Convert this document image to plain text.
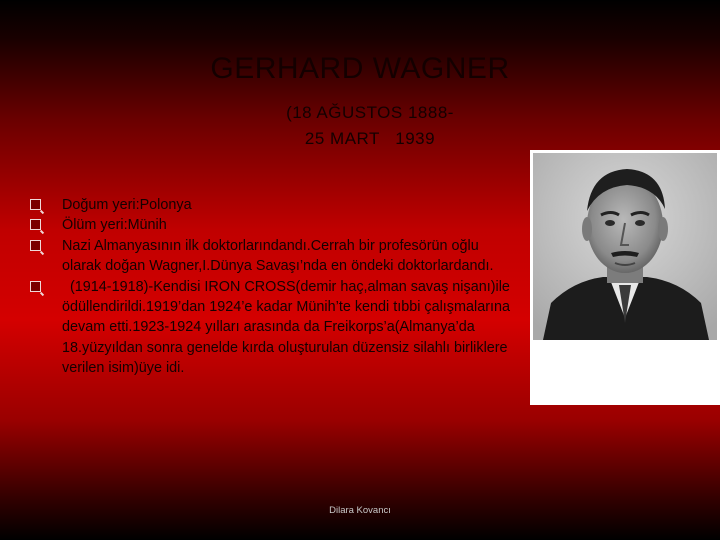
GERHARD WAGNER
(18 AĞUSTOS 1888-
25 MART   1939
Doğum yeri:Polonya
Ölüm yeri:Münih
Nazi Almanyasının ilk doktorlarındandı.Cerrah bir profesörün oğlu olarak doğan Wagner,I.Dünya Savaşı’nda en öndeki doktorlardandı.
(1914-1918)-Kendisi IRON CROSS(demir haç,alman savaş nişanı)ile ödüllendirildi.1919’dan 1924’e kadar Münih’te kendi tıbbi çalışmalarına devam etti.1923-1924 yılları arasında da Freikorps’a(Almanya’da 18.yüzyıldan sonra genelde kırda oluşturulan düzensiz silahlı birliklere verilen isim)üye idi.
Dilara Kovancı
